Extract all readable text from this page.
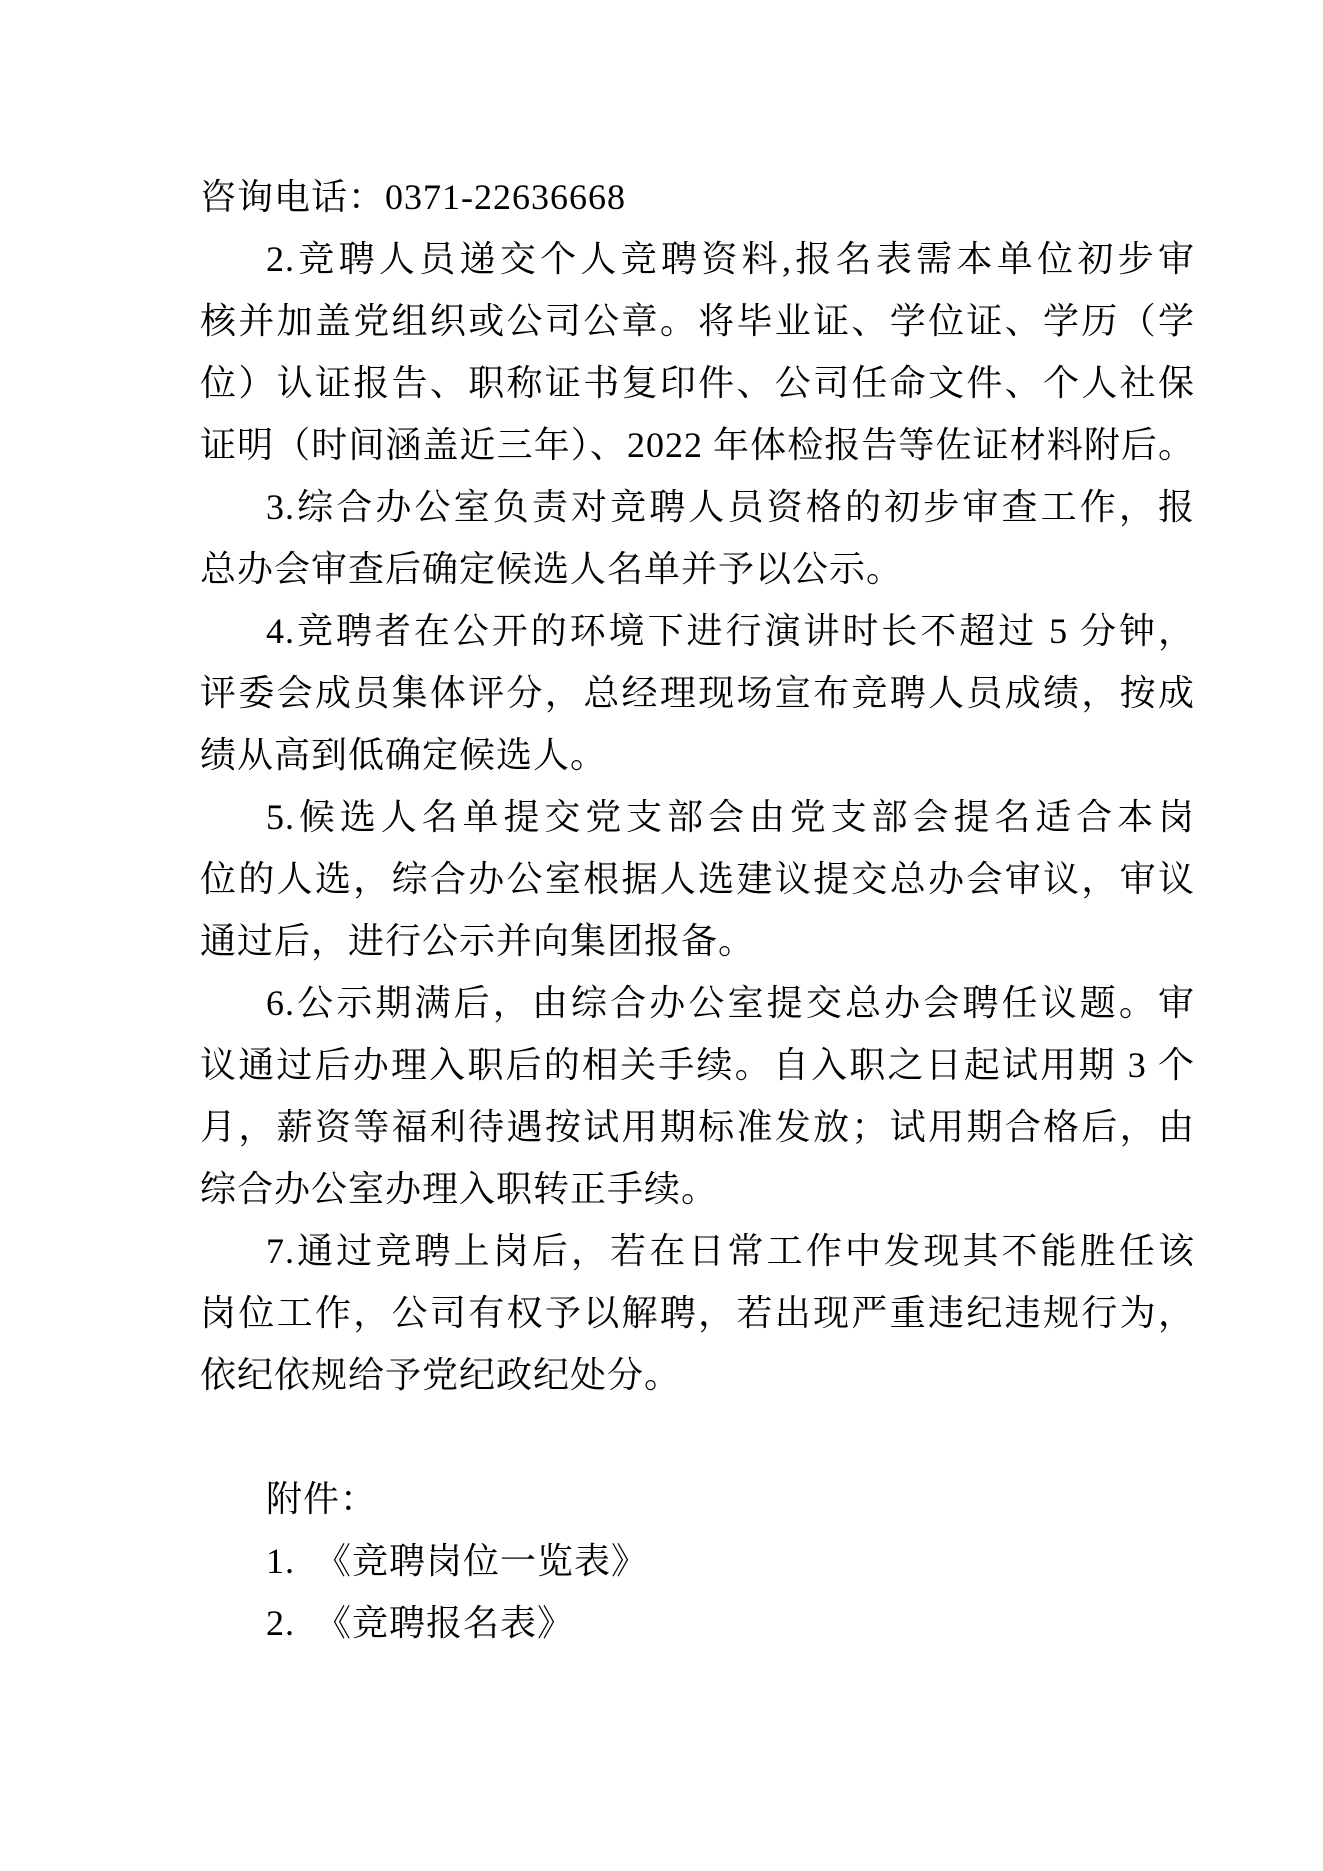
咨询电话：0371-22636668
2.竞聘人员递交个人竞聘资料,报名表需本单位初步审
核并加盖党组织或公司公章。将毕业证、学位证、学历（学
位）认证报告、职称证书复印件、公司任命文件、个人社保
证明（时间涵盖近三年）、2022 年体检报告等佐证材料附后。
3.综合办公室负责对竞聘人员资格的初步审查工作，报
总办会审查后确定候选人名单并予以公示。
4.竞聘者在公开的环境下进行演讲时长不超过 5 分钟，
评委会成员集体评分，总经理现场宣布竞聘人员成绩，按成
绩从高到低确定候选人。
5.候选人名单提交党支部会由党支部会提名适合本岗
位的人选，综合办公室根据人选建议提交总办会审议，审议
通过后，进行公示并向集团报备。
6.公示期满后，由综合办公室提交总办会聘任议题。审
议通过后办理入职后的相关手续。自入职之日起试用期 3 个
月，薪资等福利待遇按试用期标准发放；试用期合格后，由
综合办公室办理入职转正手续。
7.通过竞聘上岗后，若在日常工作中发现其不能胜任该
岗位工作，公司有权予以解聘，若出现严重违纪违规行为，
依纪依规给予党纪政纪处分。
附件：
1.  《竞聘岗位一览表》
2.  《竞聘报名表》
